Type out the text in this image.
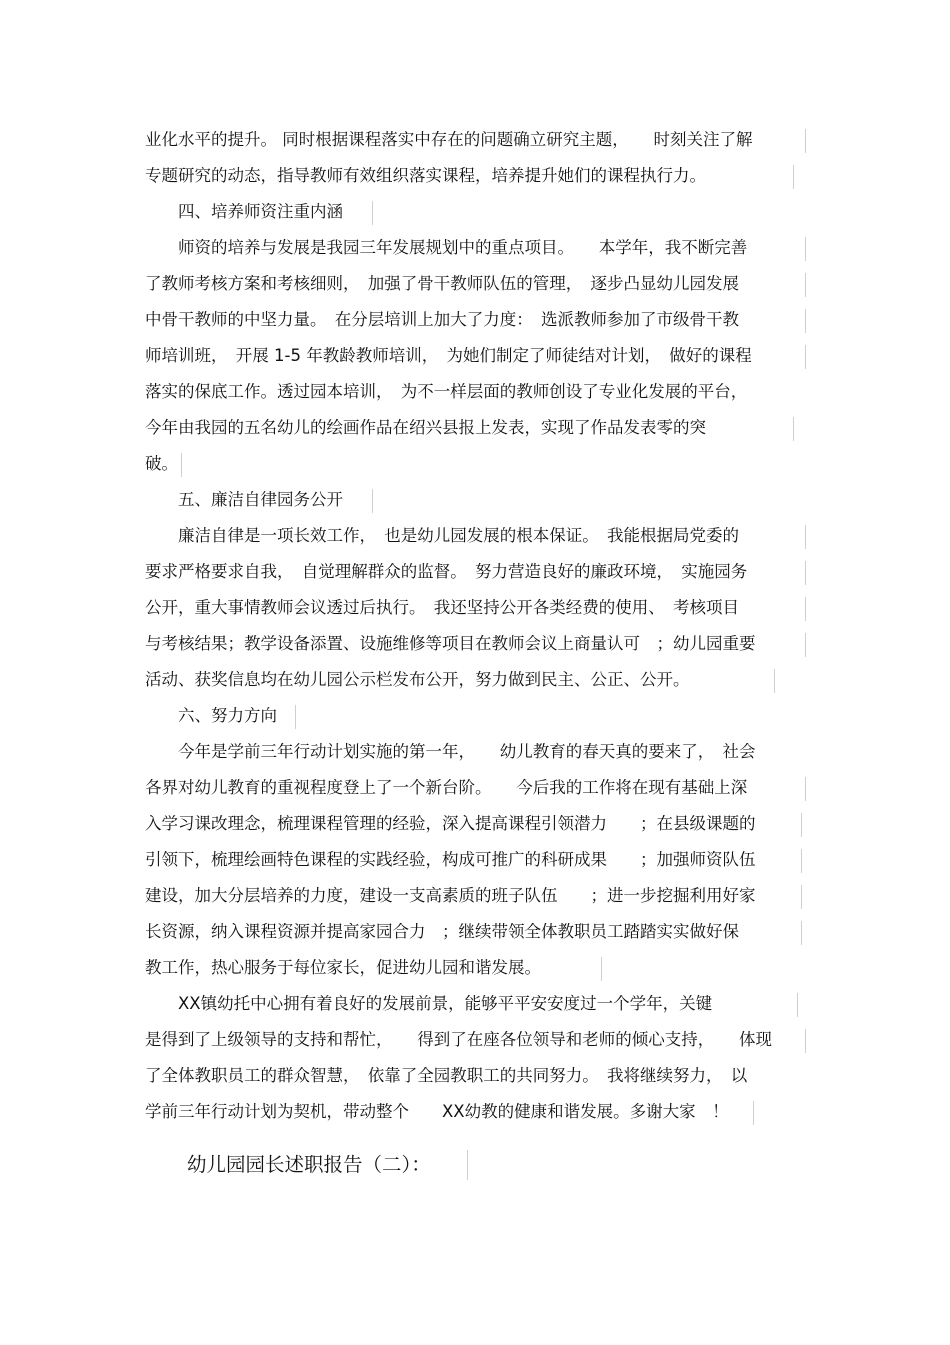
业化水平的提升。 同时根据课程落实中存在的问题确立研究主题，　　时刻关注了解
专题研究的动态，指导教师有效组织落实课程，培养提升她们的课程执行力。
　　四、培养师资注重内涵
　　师资的培养与发展是我园三年发展规划中的重点项目。　　本学年，我不断完善
了教师考核方案和考核细则，　加强了骨干教师队伍的管理，　逐步凸显幼儿园发展
中骨干教师的中坚力量。　在分层培训上加大了力度：　选派教师参加了市级骨干教
师培训班，　开展 1-5 年教龄教师培训，　为她们制定了师徒结对计划，　做好的课程
落实的保底工作。透过园本培训，　为不一样层面的教师创设了专业化发展的平台，
今年由我园的五名幼儿的绘画作品在绍兴县报上发表，实现了作品发表零的突
破。
　　五、廉洁自律园务公开
　　廉洁自律是一项长效工作，　也是幼儿园发展的根本保证。　我能根据局党委的
要求严格要求自我，　自觉理解群众的监督。　努力营造良好的廉政环境，　实施园务
公开，重大事情教师会议透过后执行。　我还坚持公开各类经费的使用、　考核项目
与考核结果；教学设备添置、设施维修等项目在教师会议上商量认可　；幼儿园重要
活动、获奖信息均在幼儿园公示栏发布公开，努力做到民主、公正、公开。
　　六、努力方向
　　今年是学前三年行动计划实施的第一年，　　幼儿教育的春天真的要来了，　社会
各界对幼儿教育的重视程度登上了一个新台阶。　　今后我的工作将在现有基础上深
入学习课改理念，梳理课程管理的经验，深入提高课程引领潜力　　；在县级课题的
引领下，梳理绘画特色课程的实践经验，构成可推广的科研成果　　；加强师资队伍
建设，加大分层培养的力度，建设一支高素质的班子队伍　　；进一步挖掘利用好家
长资源，纳入课程资源并提高家园合力　；继续带领全体教职员工踏踏实实做好保
教工作，热心服务于每位家长，促进幼儿园和谐发展。
　　XX镇幼托中心拥有着良好的发展前景，能够平平安安度过一个学年，关键
是得到了上级领导的支持和帮忙，　　得到了在座各位领导和老师的倾心支持，　　体现
了全体教职员工的群众智慧，　依靠了全园教职工的共同努力。　我将继续努力，　以
学前三年行动计划为契机，带动整个　　XX幼教的健康和谐发展。多谢大家　！
幼儿园园长述职报告（二）：
